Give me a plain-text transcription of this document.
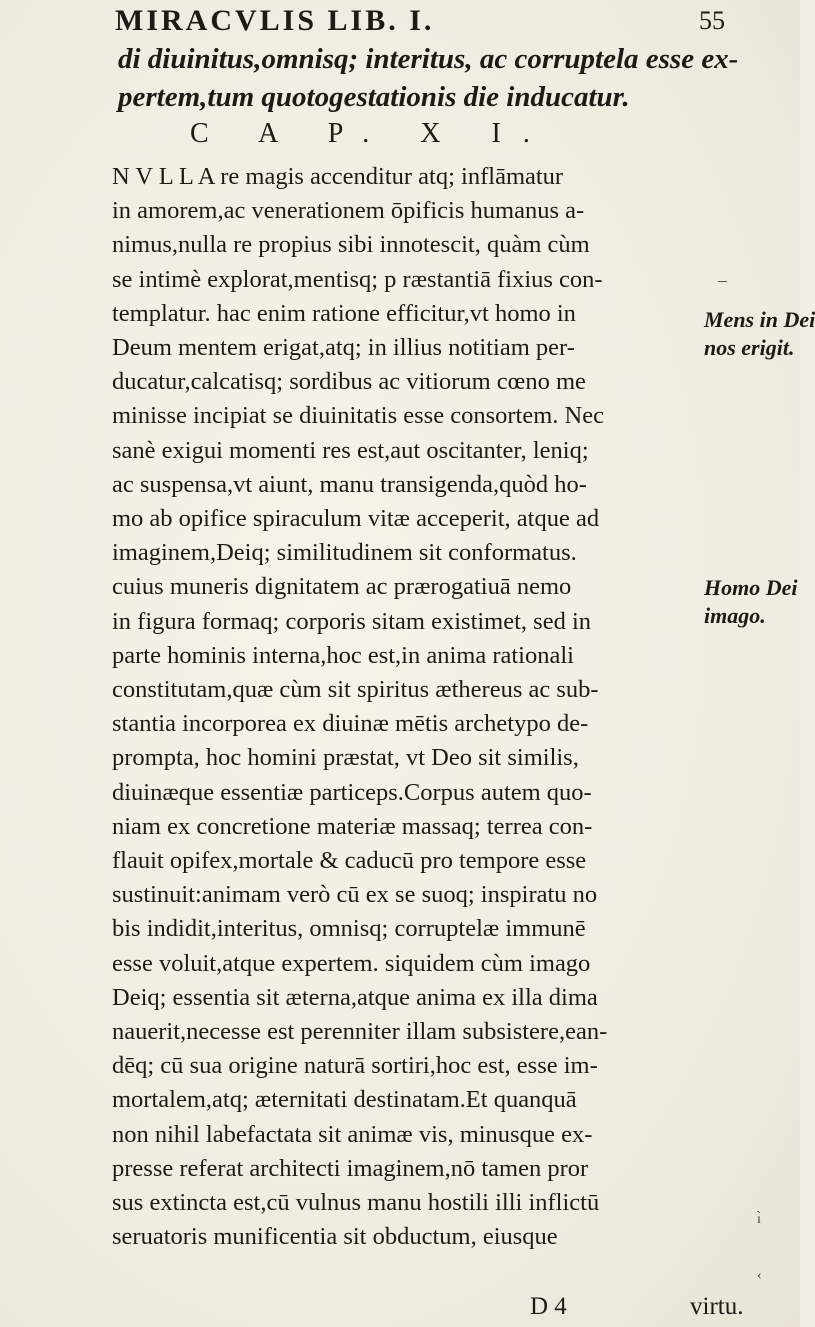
MIRACVLIS LIB. I.	55
di diuinitus,omnisq; interitus, ac corruptela esse ex-
pertem,tum quotogestationis die inducatur.
C A P. X I.
N V L L A re magis accenditur atq; inflāmatur
in amorem,ac venerationem ōpificis humanus a-
nimus,nulla re propius sibi innotescit, quàm cùm
se intimè explorat,mentisq; p ræstantiā fixius con-
templatur. hac enim ratione efficitur,vt homo in
Deum mentem erigat,atq; in illius notitiam per-
ducatur,calcatisq; sordibus ac vitiorum cœno me
minisse incipiat se diuinitatis esse consortem. Nec
sanè exigui momenti res est,aut oscitanter, leniq;
ac suspensa,vt aiunt, manu transigenda,quòd ho-
mo ab opifice spiraculum vitæ acceperit, atque ad
imaginem,Deiq; similitudinem sit conformatus.
cuius muneris dignitatem ac prærogatiuā nemo
in figura formaq; corporis sitam existimet, sed in
parte hominis interna,hoc est,in anima rationali
constitutam,quæ cùm sit spiritus æthereus ac sub-
stantia incorporea ex diuinæ mētis archetypo de-
prompta, hoc homini præstat, vt Deo sit similis,
diuinæque essentiæ particeps.Corpus autem quo-
niam ex concretione materiæ massaq; terrea con-
flauit opifex,mortale & caducū pro tempore esse
sustinuit:animam verò cū ex se suoq; inspiratu no
bis indidit,interitus, omnisq; corruptelæ immunē
esse voluit,atque expertem. siquidem cùm imago
Deiq; essentia sit æterna,atque anima ex illa dima
nauerit,necesse est perenniter illam subsistere,ean-
dēq; cū sua origine naturā sortiri,hoc est, esse im-
mortalem,atq; æternitati destinatam.Et quanquā
non nihil labefactata sit animæ vis, minusque ex-
presse referat architecti imaginem,nō tamen pror
sus extincta est,cū vulnus manu hostili illi inflictū
seruatoris munificentia sit obductum, eiusque
Mens in Dei
nos erigit.
Homo Dei
imago.
D 4	virtu.
–
ı̀
‹
